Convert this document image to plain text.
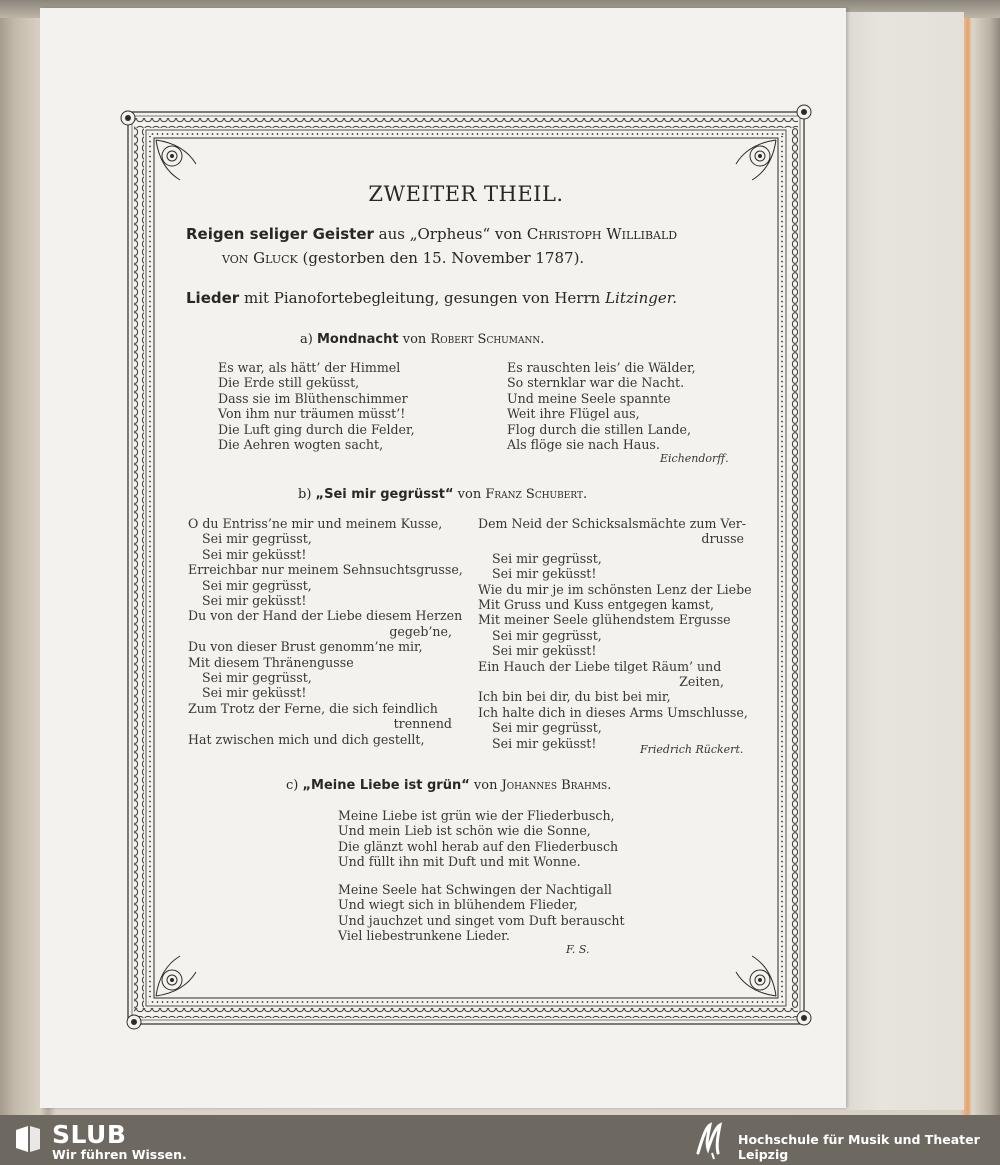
ZWEITER THEIL.
Reigen seliger Geister aus „Orpheus“ von Christoph Willibald
von Gluck (gestorben den 15. November 1787).
Lieder mit Pianofortebegleitung, gesungen von Herrn Litzinger.
a) Mondnacht von Robert Schumann.
Es war, als hätt’ der Himmel
Die Erde still geküsst,
Dass sie im Blüthenschimmer
Von ihm nur träumen müsst’!
Die Luft ging durch die Felder,
Die Aehren wogten sacht,
Es rauschten leis’ die Wälder,
So sternklar war die Nacht.
Und meine Seele spannte
Weit ihre Flügel aus,
Flog durch die stillen Lande,
Als flöge sie nach Haus.
Eichendorff.
b) „Sei mir gegrüsst“ von Franz Schubert.
O du Entriss’ne mir und meinem Kusse,
Sei mir gegrüsst,
Sei mir geküsst!
Erreichbar nur meinem Sehnsuchtsgrusse,
Sei mir gegrüsst,
Sei mir geküsst!
Du von der Hand der Liebe diesem Herzen
gegeb’ne,
Du von dieser Brust genomm’ne mir,
Mit diesem Thränengusse
Sei mir gegrüsst,
Sei mir geküsst!
Zum Trotz der Ferne, die sich feindlich
trennend
Hat zwischen mich und dich gestellt,
Dem Neid der Schicksalsmächte zum Ver-
drusse
Sei mir gegrüsst,
Sei mir geküsst!
Wie du mir je im schönsten Lenz der Liebe
Mit Gruss und Kuss entgegen kamst,
Mit meiner Seele glühendstem Ergusse
Sei mir gegrüsst,
Sei mir geküsst!
Ein Hauch der Liebe tilget Räum’ und
Zeiten,
Ich bin bei dir, du bist bei mir,
Ich halte dich in dieses Arms Umschlusse,
Sei mir gegrüsst,
Sei mir geküsst!	Friedrich Rückert.
c) „Meine Liebe ist grün“ von Johannes Brahms.
Meine Liebe ist grün wie der Fliederbusch,
Und mein Lieb ist schön wie die Sonne,
Die glänzt wohl herab auf den Fliederbusch
Und füllt ihn mit Duft und mit Wonne.
Meine Seele hat Schwingen der Nachtigall
Und wiegt sich in blühendem Flieder,
Und jauchzet und singet vom Duft berauscht
Viel liebestrunkene Lieder.
F. S.
SLUB
Wir führen Wissen.
Hochschule für Musik und Theater Leipzig
